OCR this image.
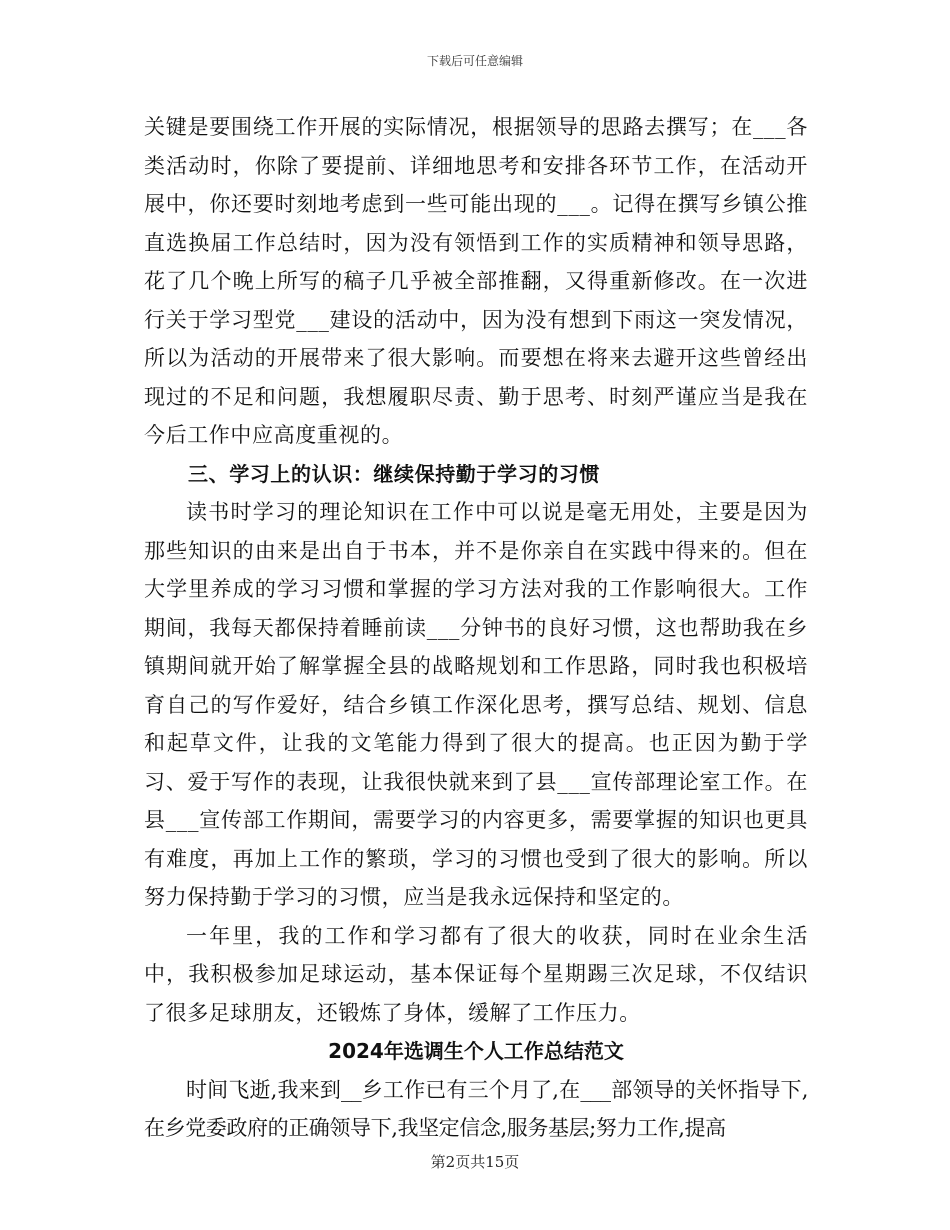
下载后可任意编辑

关键是要围绕工作开展的实际情况，根据领导的思路去撰写；在___各类活动时，你除了要提前、详细地思考和安排各环节工作，在活动开展中，你还要时刻地考虑到一些可能出现的___。记得在撰写乡镇公推直选换届工作总结时，因为没有领悟到工作的实质精神和领导思路，花了几个晚上所写的稿子几乎被全部推翻，又得重新修改。在一次进行关于学习型党___建设的活动中，因为没有想到下雨这一突发情况，所以为活动的开展带来了很大影响。而要想在将来去避开这些曾经出现过的不足和问题，我想履职尽责、勤于思考、时刻严谨应当是我在今后工作中应高度重视的。

三、学习上的认识：继续保持勤于学习的习惯

读书时学习的理论知识在工作中可以说是毫无用处，主要是因为那些知识的由来是出自于书本，并不是你亲自在实践中得来的。但在大学里养成的学习习惯和掌握的学习方法对我的工作影响很大。工作期间，我每天都保持着睡前读___分钟书的良好习惯，这也帮助我在乡镇期间就开始了解掌握全县的战略规划和工作思路，同时我也积极培育自己的写作爱好，结合乡镇工作深化思考，撰写总结、规划、信息和起草文件，让我的文笔能力得到了很大的提高。也正因为勤于学习、爱于写作的表现，让我很快就来到了县___宣传部理论室工作。在县___宣传部工作期间，需要学习的内容更多，需要掌握的知识也更具有难度，再加上工作的繁琐，学习的习惯也受到了很大的影响。所以努力保持勤于学习的习惯，应当是我永远保持和坚定的。

一年里，我的工作和学习都有了很大的收获，同时在业余生活中，我积极参加足球运动，基本保证每个星期踢三次足球，不仅结识了很多足球朋友，还锻炼了身体，缓解了工作压力。

2024年选调生个人工作总结范文

时间飞逝,我来到__乡工作已有三个月了,在___部领导的关怀指导下,在乡党委政府的正确领导下,我坚定信念,服务基层;努力工作,提高

第2页共15页
